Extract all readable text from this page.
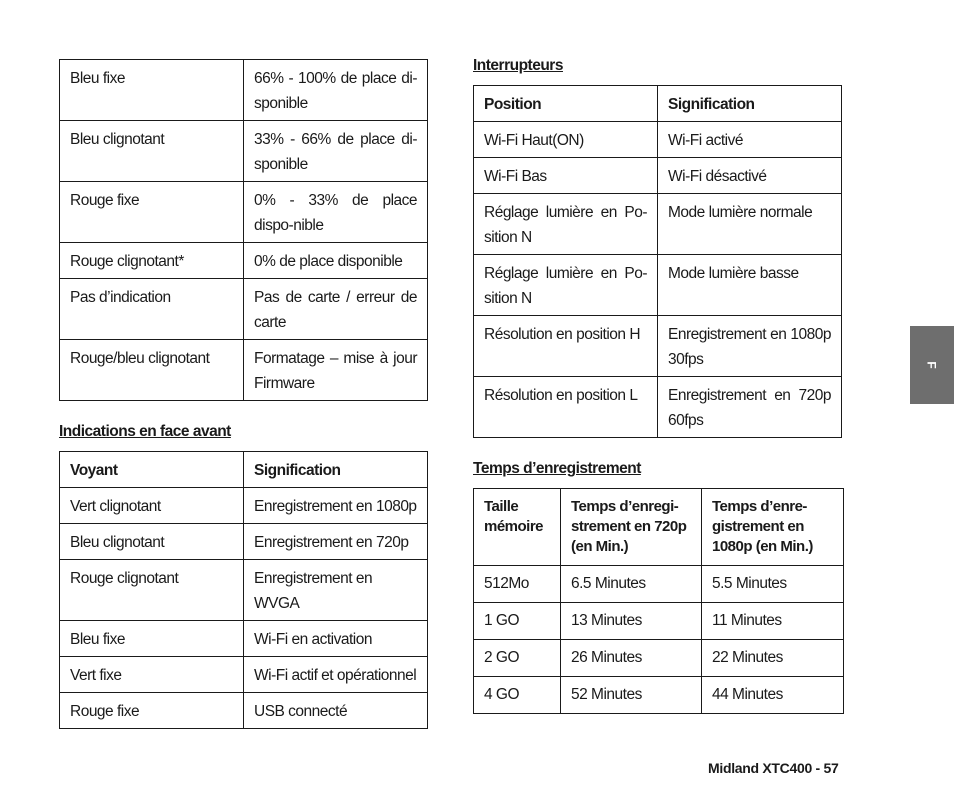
Bleu fixe	66% - 100% de place di-sponible
Bleu clignotant	33% - 66% de place di-sponible
Rouge fixe	0% - 33% de place dispo-nible
Rouge clignotant*	0% de place disponible
Pas d’indication	Pas de carte / erreur de carte
Rouge/bleu clignotant	Formatage – mise à jour Firmware
Indications en face avant
Voyant	Signification
Vert clignotant	Enregistrement en 1080p
Bleu clignotant	Enregistrement en 720p
Rouge clignotant	Enregistrement en WVGA
Bleu fixe	Wi-Fi en activation
Vert fixe	Wi-Fi actif et opérationnel
Rouge fixe	USB connecté
Interrupteurs
Position	Signification
Wi-Fi Haut(ON)	Wi-Fi activé
Wi-Fi Bas	Wi-Fi désactivé
Réglage lumière en Po-sition N	Mode lumière normale
Réglage lumière en Po-sition N	Mode lumière basse
Résolution en position H	Enregistrement en 1080p 30fps
Résolution en position L	Enregistrement en 720p 60fps
Temps d’enregistrement
Taille mémoire	Temps d’enregi-strement en 720p (en Min.)	Temps d’enre-gistrement en 1080p (en Min.)
512Mo	6.5 Minutes	5.5 Minutes
1 GO	13 Minutes	11 Minutes
2 GO	26 Minutes	22 Minutes
4 GO	52 Minutes	44 Minutes
F
Midland XTC400 - 57
